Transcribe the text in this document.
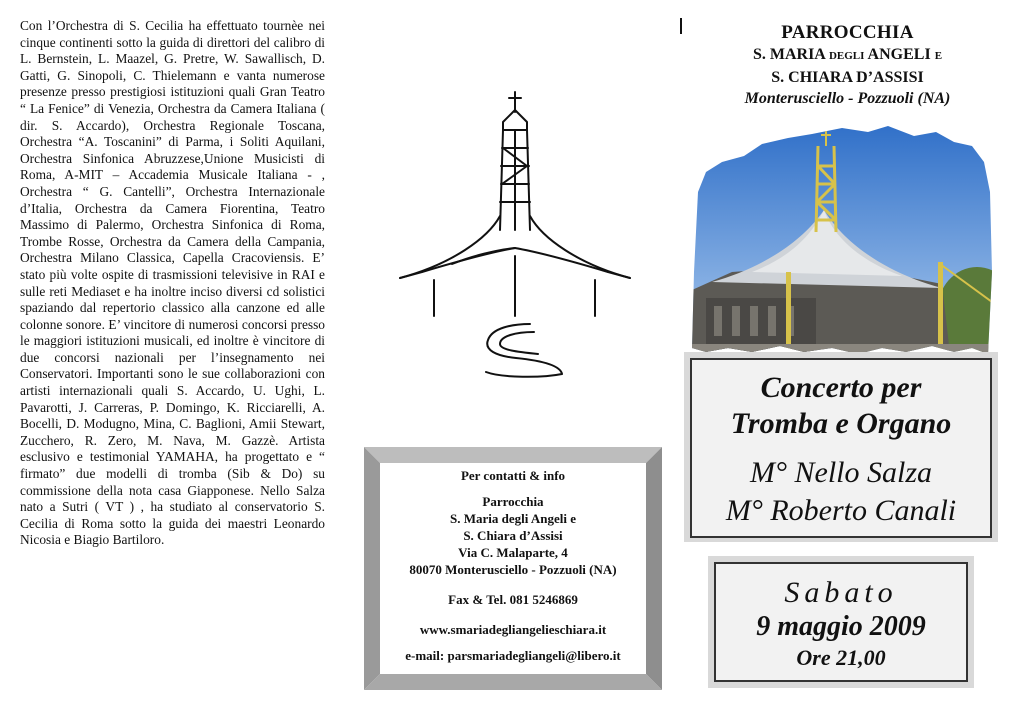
Con l’Orchestra di S. Cecilia ha effettuato tournèe nei cinque continenti sotto la guida di direttori del calibro di L. Bernstein, L. Maazel, G. Pretre, W. Sawallisch, D. Gatti, G. Sinopoli, C. Thielemann e vanta numerose presenze presso prestigiosi istituzioni quali Gran Teatro “ La Fenice” di Venezia, Orchestra da Camera Italiana ( dir. S. Accardo), Orchestra Regionale Toscana, Orchestra “A. Toscanini” di Parma, i Soliti Aquilani, Orchestra Sinfonica Abruzzese,Unione Musicisti di Roma, A-MIT – Accademia Musicale Italiana - , Orchestra “ G. Cantelli”, Orchestra Internazionale d’Italia, Orchestra da Camera Fiorentina, Teatro Massimo di Palermo, Orchestra Sinfonica di Roma, Trombe Rosse, Orchestra da Camera della Campania, Orchestra Milano Classica, Capella Cracoviensis. E’ stato più volte ospite di trasmissioni televisive in RAI e sulle reti Mediaset e ha inoltre inciso diversi cd solistici spaziando dal repertorio classico alla canzone ed alle colonne sonore. E’ vincitore di numerosi concorsi presso le maggiori istituzioni musicali, ed inoltre è vincitore di due concorsi nazionali per l’insegnamento nei Conservatori. Importanti sono le sue collaborazioni con artisti internazionali quali S. Accardo, U. Ughi, L. Pavarotti, J. Carreras, P. Domingo, K. Ricciarelli, A. Bocelli, D. Modugno, Mina, C. Baglioni, Amii Stewart, Zucchero, R. Zero, M. Nava, M. Gazzè. Artista esclusivo e testimonial YAMAHA, ha progettato e “ firmato” due modelli di tromba (Sib & Do) su commissione della nota casa Giapponese. Nello Salza nato a Sutri ( VT ) , ha studiato al conservatorio S. Cecilia di Roma sotto la guida dei maestri Leonardo Nicosia e Biagio Bartiloro.
Per contatti & info
Parrocchia
S. Maria degli Angeli e
S. Chiara d’Assisi
Via C. Malaparte, 4
80070 Monterusciello - Pozzuoli (NA)
Fax & Tel. 081 5246869
www.smariadegliangelieschiara.it
e-mail: parsmariadegliangeli@libero.it
PARROCCHIA
S. MARIA DEGLI ANGELI E
S. CHIARA D’ASSISI
Monterusciello - Pozzuoli (NA)
Concerto per
Tromba e Organo
M° Nello Salza
M° Roberto Canali
Sabato
9 maggio 2009
Ore 21,00
